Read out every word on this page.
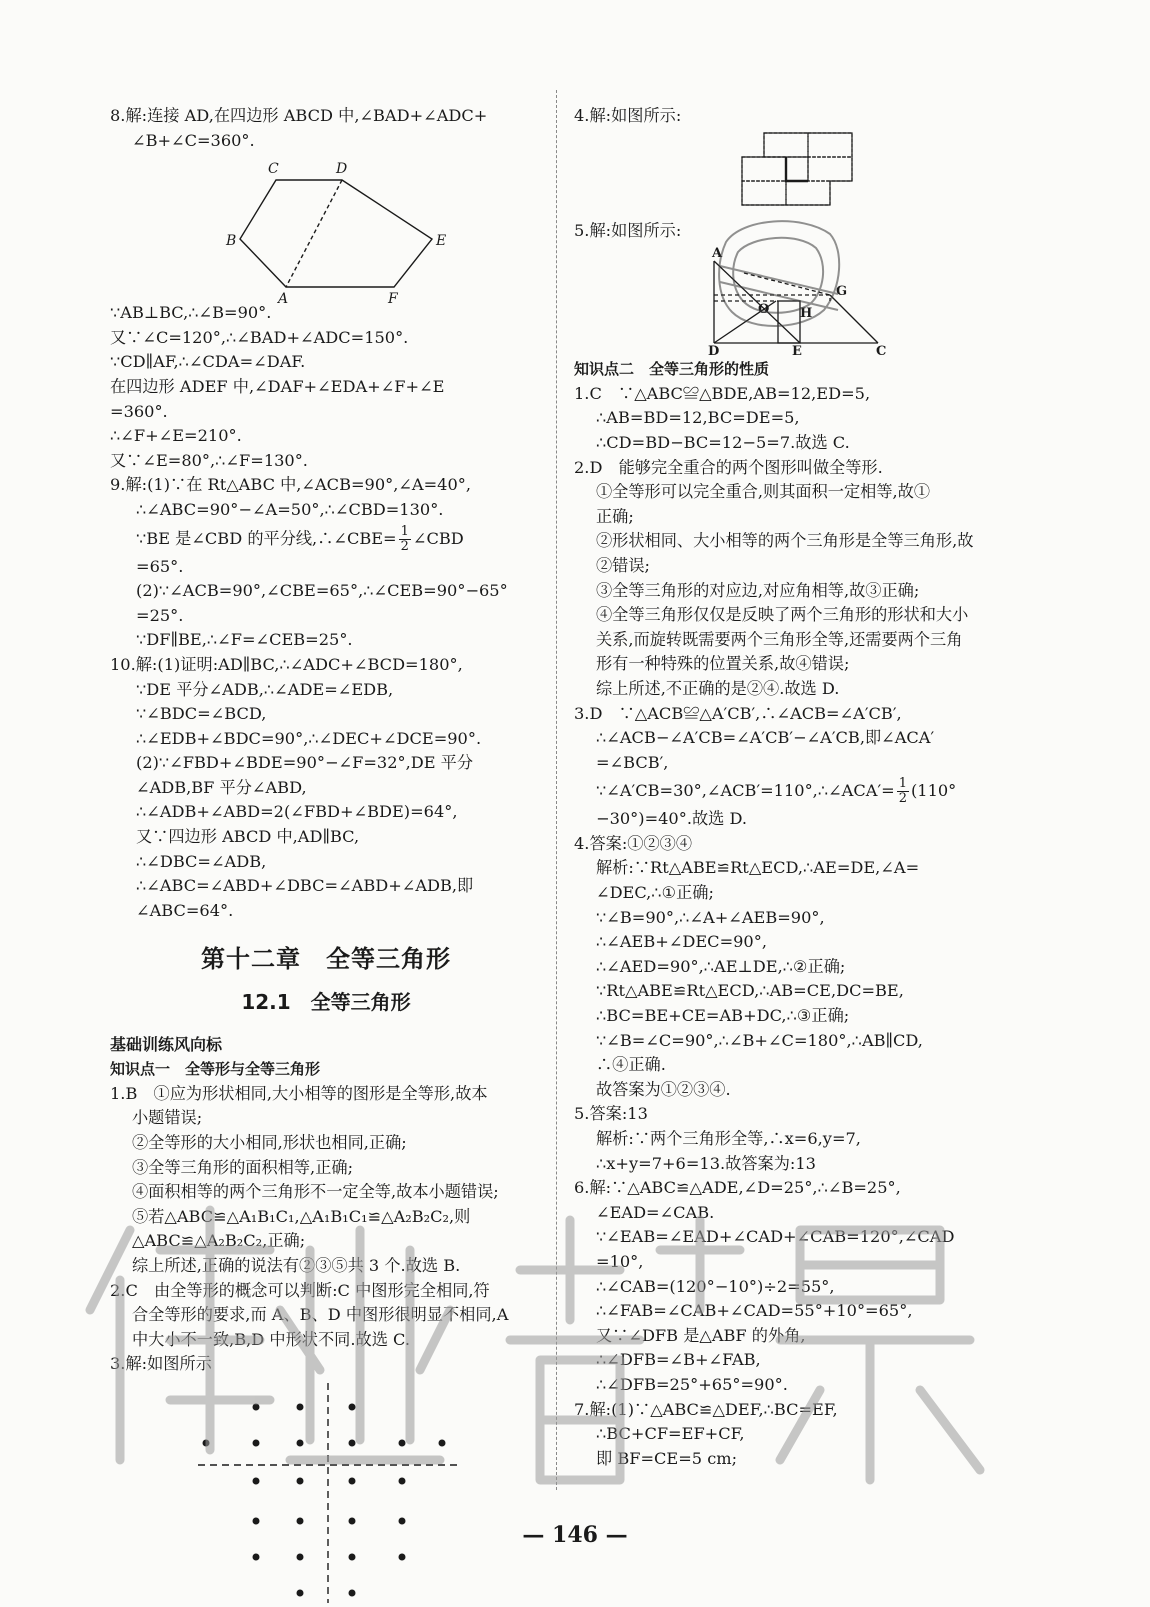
8.解:连接 AD,在四边形 ABCD 中,∠BAD+∠ADC+
∠B+∠C=360°.
C	D
B	E
A	F
∵AB⊥BC,∴∠B=90°.
又∵∠C=120°,∴∠BAD+∠ADC=150°.
∵CD∥AF,∴∠CDA=∠DAF.
在四边形 ADEF 中,∠DAF+∠EDA+∠F+∠E
=360°.
∴∠F+∠E=210°.
又∵∠E=80°,∴∠F=130°.
9.解:(1)∵在 Rt△ABC 中,∠ACB=90°,∠A=40°,
∴∠ABC=90°−∠A=50°,∴∠CBD=130°.
∵BE 是∠CBD 的平分线,∴∠CBE= $\frac{1}{2}$ ∠CBD
=65°.
(2)∵∠ACB=90°,∠CBE=65°,∴∠CEB=90°−65°
=25°.
∵DF∥BE,∴∠F=∠CEB=25°.
10.解:(1)证明:AD∥BC,∴∠ADC+∠BCD=180°,
∵DE 平分∠ADB,∴∠ADE=∠EDB,
∵∠BDC=∠BCD,
∴∠EDB+∠BDC=90°,∴∠DEC+∠DCE=90°.
(2)∵∠FBD+∠BDE=90°−∠F=32°,DE 平分
∠ADB,BF 平分∠ABD,
∴∠ADB+∠ABD=2(∠FBD+∠BDE)=64°,
又∵四边形 ABCD 中,AD∥BC,
∴∠DBC=∠ADB,
∴∠ABC=∠ABD+∠DBC=∠ABD+∠ADB,即
∠ABC=64°.
第十二章　全等三角形
12.1　全等三角形
基础训练风向标
知识点一　全等形与全等三角形
1.B　①应为形状相同,大小相等的图形是全等形,故本
小题错误;
②全等形的大小相同,形状也相同,正确;
③全等三角形的面积相等,正确;
④面积相等的两个三角形不一定全等,故本小题错误;
⑤若△ABC≌△A₁B₁C₁,△A₁B₁C₁≌△A₂B₂C₂,则
△ABC≌△A₂B₂C₂,正确;
综上所述,正确的说法有②③⑤共 3 个.故选 B.
2.C　由全等形的概念可以判断:C 中图形完全相同,符
合全等形的要求,而 A、B、D 中图形很明显不相同,A
中大小不一致,B,D 中形状不同.故选 C.
3.解:如图所示
4.解:如图所示:
5.解:如图所示:
A
G
O H
D	E	C
知识点二　全等三角形的性质
1.C　∵△ABC≌△BDE,AB=12,ED=5,
∴AB=BD=12,BC=DE=5,
∴CD=BD−BC=12−5=7.故选 C.
2.D　能够完全重合的两个图形叫做全等形.
①全等形可以完全重合,则其面积一定相等,故①
正确;
②形状相同、大小相等的两个三角形是全等三角形,故
②错误;
③全等三角形的对应边,对应角相等,故③正确;
④全等三角形仅仅是反映了两个三角形的形状和大小
关系,而旋转既需要两个三角形全等,还需要两个三角
形有一种特殊的位置关系,故④错误;
综上所述,不正确的是②④.故选 D.
3.D　∵△ACB≌△A′CB′,∴∠ACB=∠A′CB′,
∴∠ACB−∠A′CB=∠A′CB′−∠A′CB,即∠ACA′
=∠BCB′,
∵∠A′CB=30°,∠ACB′=110°,∴∠ACA′= $\frac{1}{2} (110^\circ$
−30°)=40°.故选 D.
4.答案:①②③④
解析:∵Rt△ABE≌Rt△ECD,∴AE=DE,∠A=
∠DEC,∴①正确;
∵∠B=90°,∴∠A+∠AEB=90°,
∴∠AEB+∠DEC=90°,
∴∠AED=90°,∴AE⊥DE,∴②正确;
∵Rt△ABE≌Rt△ECD,∴AB=CE,DC=BE,
∴BC=BE+CE=AB+DC,∴③正确;
∵∠B=∠C=90°,∴∠B+∠C=180°,∴AB∥CD,
∴④正确.
故答案为①②③④.
5.答案:13
解析:∵两个三角形全等,∴x=6,y=7,
∴x+y=7+6=13.故答案为:13
6.解:∵△ABC≌△ADE,∠D=25°,∴∠B=25°,
∠EAD=∠CAB.
∵∠EAB=∠EAD+∠CAD+∠CAB=120°,∠CAD
=10°,
∴∠CAB=(120°−10°)÷2=55°,
∴∠FAB=∠CAB+∠CAD=55°+10°=65°,
又∵∠DFB 是△ABF 的外角,
∴∠DFB=∠B+∠FAB,
∴∠DFB=25°+65°=90°.
7.解:(1)∵△ABC≌△DEF,∴BC=EF,
∴BC+CF=EF+CF,
即 BF=CE=5 cm;
— 146 —
